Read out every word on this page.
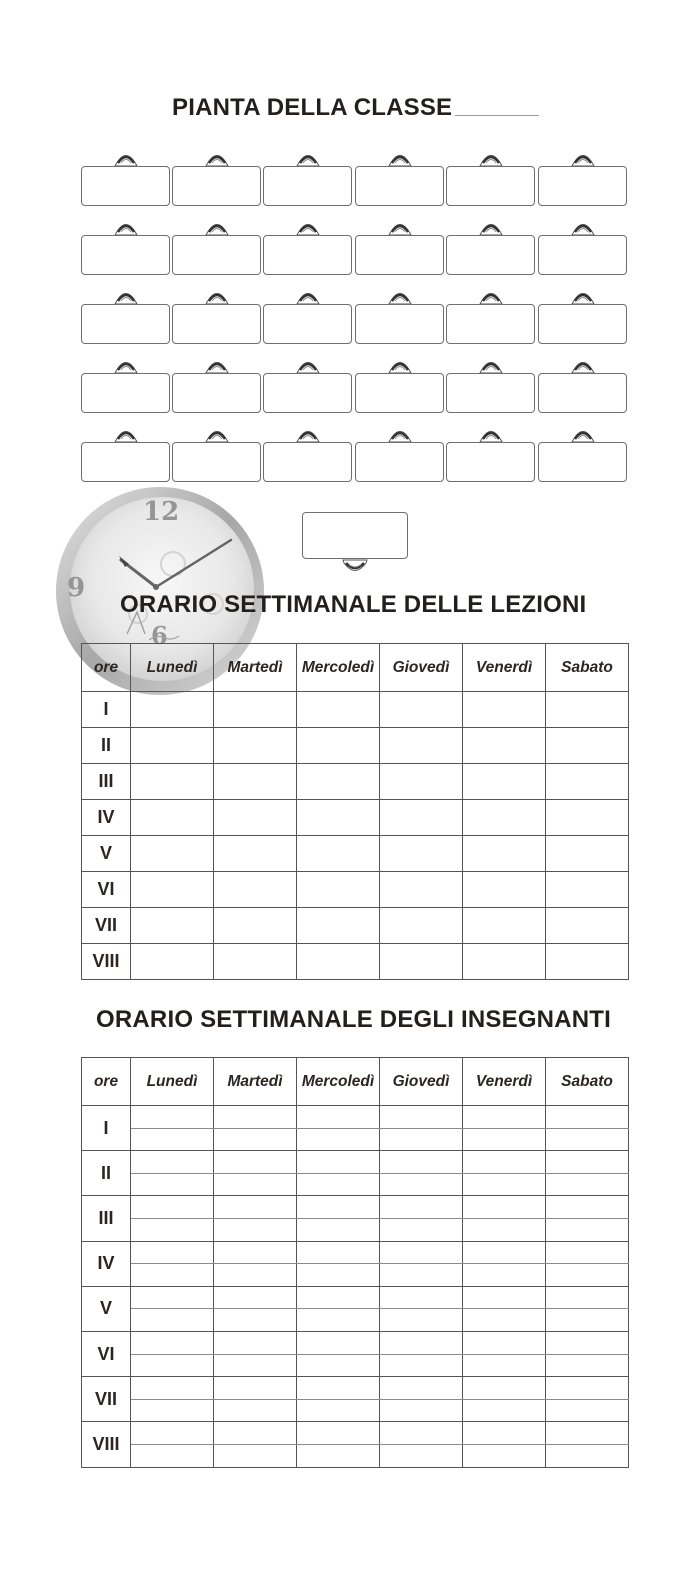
PIANTA DELLA CLASSE
12
9
6
ORARIO SETTIMANALE DELLE LEZIONI
ore	Lunedì	Martedì	Mercoledì	Giovedì	Venerdì	Sabato
I						
II						
III						
IV						
V						
VI						
VII						
VIII						
ORARIO SETTIMANALE DEGLI INSEGNANTI
ore	Lunedì	Martedì	Mercoledì	Giovedì	Venerdì	Sabato
I						

II						

III						

IV						

V						

VI						

VII						

VIII						
